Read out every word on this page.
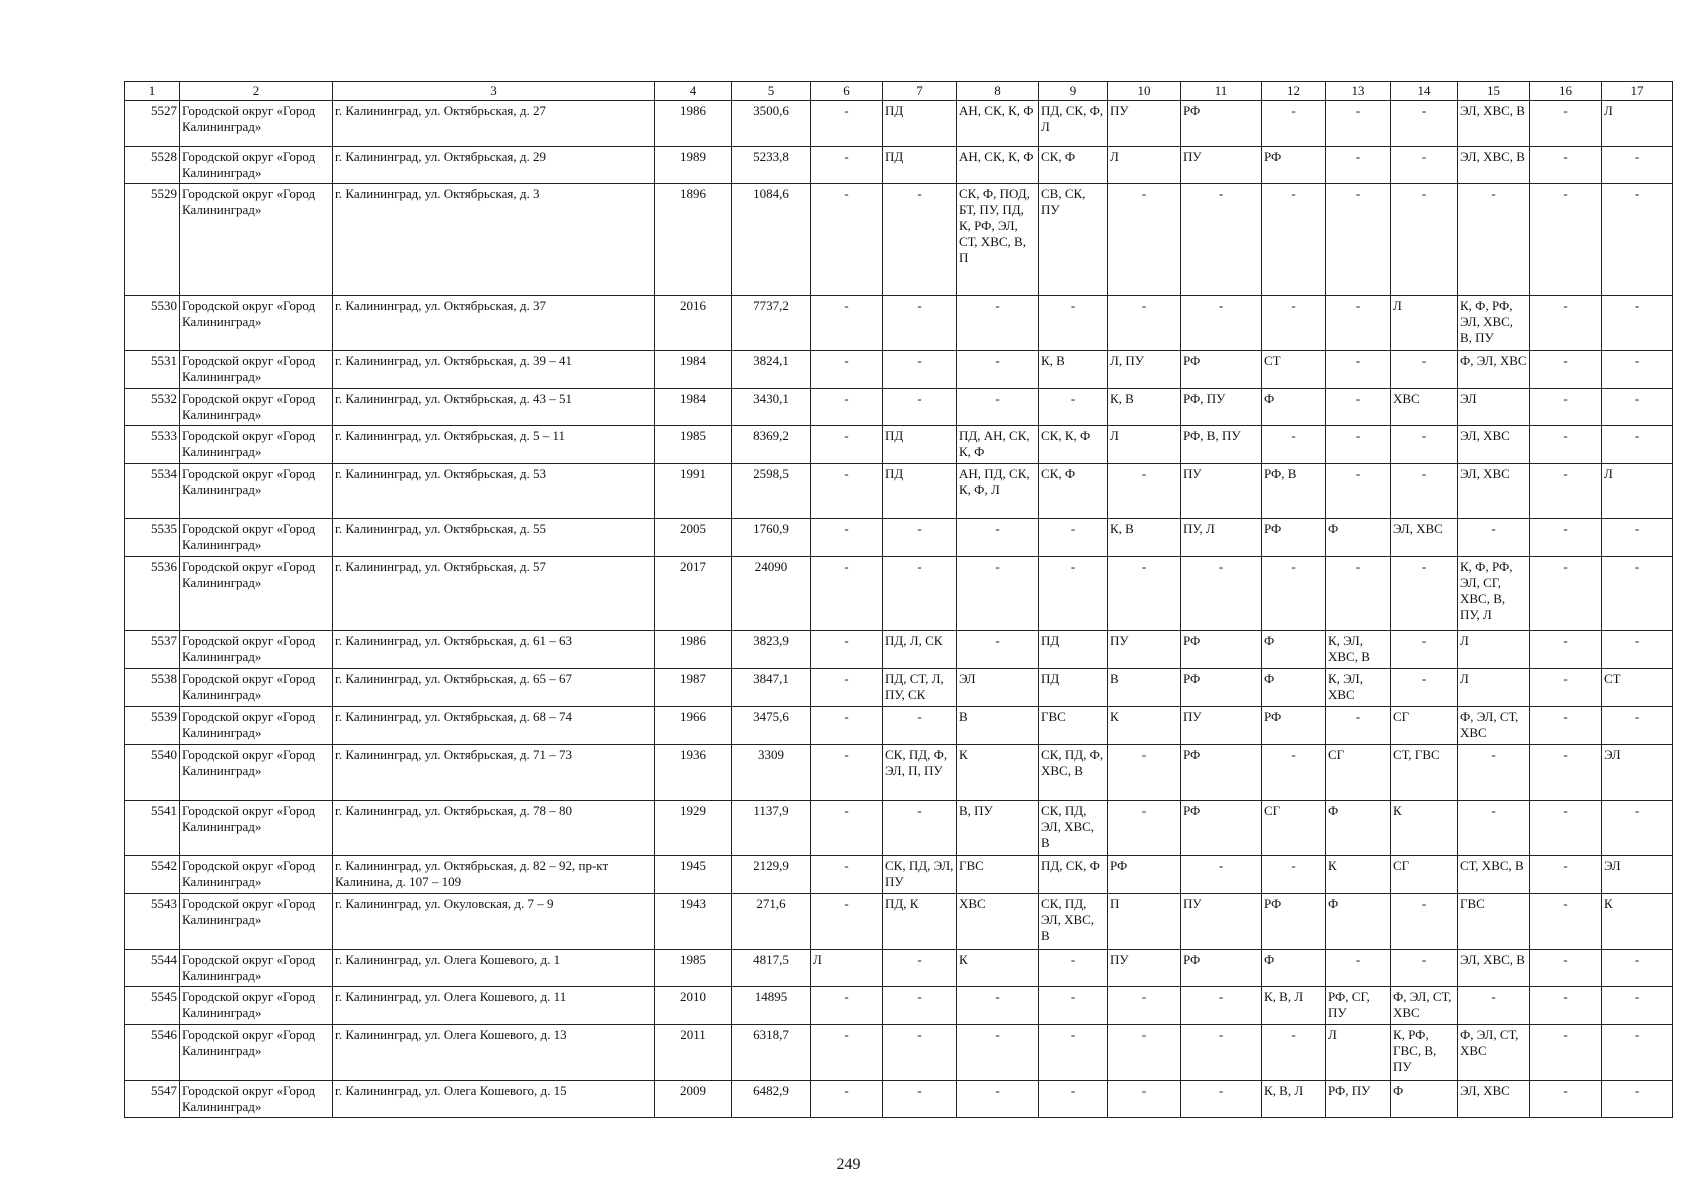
1	2	3	4	5	6	7	8	9	10	11	12	13	14	15	16	17
5527	Городской округ «Город Калининград»	г. Калининград, ул. Октябрьская, д. 27	1986	3500,6	-	ПД	АН, СК, К, Ф	ПД, СК, Ф, Л	ПУ	РФ	-	-	-	ЭЛ, ХВС, В	-	Л
5528	Городской округ «Город Калининград»	г. Калининград, ул. Октябрьская, д. 29	1989	5233,8	-	ПД	АН, СК, К, Ф	СК, Ф	Л	ПУ	РФ	-	-	ЭЛ, ХВС, В	-	-
5529	Городской округ «Город Калининград»	г. Калининград, ул. Октябрьская, д. 3	1896	1084,6	-	-	СК, Ф, ПОД, БТ, ПУ, ПД, К, РФ, ЭЛ, СТ, ХВС, В, П	СВ, СК, ПУ	-	-	-	-	-	-	-	-
5530	Городской округ «Город Калининград»	г. Калининград, ул. Октябрьская, д. 37	2016	7737,2	-	-	-	-	-	-	-	-	Л	К, Ф, РФ, ЭЛ, ХВС, В, ПУ	-	-
5531	Городской округ «Город Калининград»	г. Калининград, ул. Октябрьская, д. 39 – 41	1984	3824,1	-	-	-	К, В	Л, ПУ	РФ	СТ	-	-	Ф, ЭЛ, ХВС	-	-
5532	Городской округ «Город Калининград»	г. Калининград, ул. Октябрьская, д. 43 – 51	1984	3430,1	-	-	-	-	К, В	РФ, ПУ	Ф	-	ХВС	ЭЛ	-	-
5533	Городской округ «Город Калининград»	г. Калининград, ул. Октябрьская, д. 5 – 11	1985	8369,2	-	ПД	ПД, АН, СК, К, Ф	СК, К, Ф	Л	РФ, В, ПУ	-	-	-	ЭЛ, ХВС	-	-
5534	Городской округ «Город Калининград»	г. Калининград, ул. Октябрьская, д. 53	1991	2598,5	-	ПД	АН, ПД, СК, К, Ф, Л	СК, Ф	-	ПУ	РФ, В	-	-	ЭЛ, ХВС	-	Л
5535	Городской округ «Город Калининград»	г. Калининград, ул. Октябрьская, д. 55	2005	1760,9	-	-	-	-	К, В	ПУ, Л	РФ	Ф	ЭЛ, ХВС	-	-	-
5536	Городской округ «Город Калининград»	г. Калининград, ул. Октябрьская, д. 57	2017	24090	-	-	-	-	-	-	-	-	-	К, Ф, РФ, ЭЛ, СГ, ХВС, В, ПУ, Л	-	-
5537	Городской округ «Город Калининград»	г. Калининград, ул. Октябрьская, д. 61 – 63	1986	3823,9	-	ПД, Л, СК	-	ПД	ПУ	РФ	Ф	К, ЭЛ, ХВС, В	-	Л	-	-
5538	Городской округ «Город Калининград»	г. Калининград, ул. Октябрьская, д. 65 – 67	1987	3847,1	-	ПД, СТ, Л, ПУ, СК	ЭЛ	ПД	В	РФ	Ф	К, ЭЛ, ХВС	-	Л	-	СТ
5539	Городской округ «Город Калининград»	г. Калининград, ул. Октябрьская, д. 68 – 74	1966	3475,6	-	-	В	ГВС	К	ПУ	РФ	-	СГ	Ф, ЭЛ, СТ, ХВС	-	-
5540	Городской округ «Город Калининград»	г. Калининград, ул. Октябрьская, д. 71 – 73	1936	3309	-	СК, ПД, Ф, ЭЛ, П, ПУ	К	СК, ПД, Ф, ХВС, В	-	РФ	-	СГ	СТ, ГВС	-	-	ЭЛ
5541	Городской округ «Город Калининград»	г. Калининград, ул. Октябрьская, д. 78 – 80	1929	1137,9	-	-	В, ПУ	СК, ПД, ЭЛ, ХВС, В	-	РФ	СГ	Ф	К	-	-	-
5542	Городской округ «Город Калининград»	г. Калининград, ул. Октябрьская, д. 82 – 92, пр-кт Калинина, д. 107 – 109	1945	2129,9	-	СК, ПД, ЭЛ, ПУ	ГВС	ПД, СК, Ф	РФ	-	-	К	СГ	СТ, ХВС, В	-	ЭЛ
5543	Городской округ «Город Калининград»	г. Калининград, ул. Окуловская, д. 7 – 9	1943	271,6	-	ПД, К	ХВС	СК, ПД, ЭЛ, ХВС, В	П	ПУ	РФ	Ф	-	ГВС	-	К
5544	Городской округ «Город Калининград»	г. Калининград, ул. Олега Кошевого, д. 1	1985	4817,5	Л	-	К	-	ПУ	РФ	Ф	-	-	ЭЛ, ХВС, В	-	-
5545	Городской округ «Город Калининград»	г. Калининград, ул. Олега Кошевого, д. 11	2010	14895	-	-	-	-	-	-	К, В, Л	РФ, СГ, ПУ	Ф, ЭЛ, СТ, ХВС	-	-	-
5546	Городской округ «Город Калининград»	г. Калининград, ул. Олега Кошевого, д. 13	2011	6318,7	-	-	-	-	-	-	-	Л	К, РФ, ГВС, В, ПУ	Ф, ЭЛ, СТ, ХВС	-	-
5547	Городской округ «Город Калининград»	г. Калининград, ул. Олега Кошевого, д. 15	2009	6482,9	-	-	-	-	-	-	К, В, Л	РФ, ПУ	Ф	ЭЛ, ХВС	-	-
249
